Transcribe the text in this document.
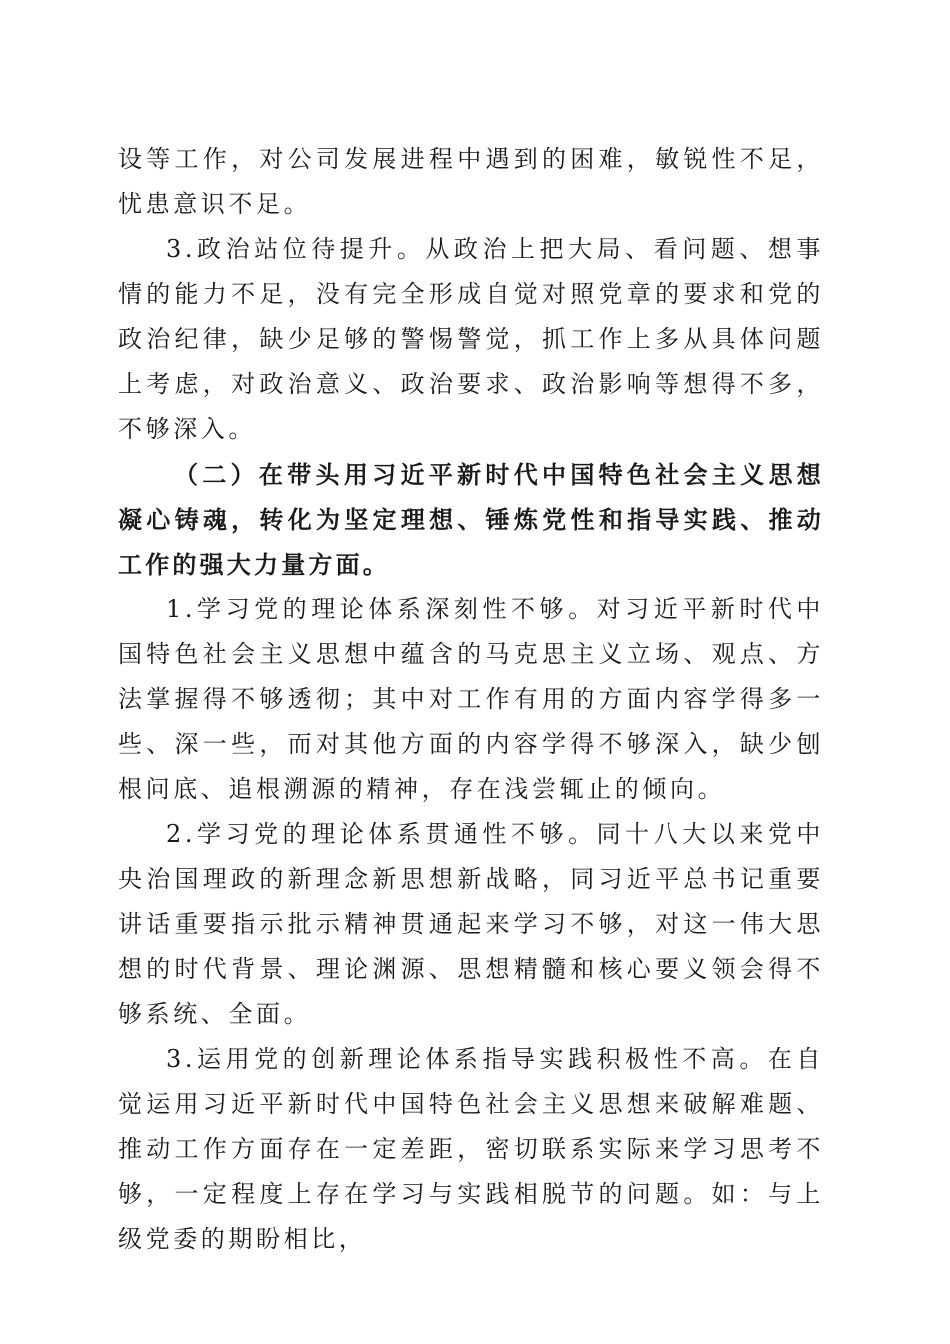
设等工作，对公司发展进程中遇到的困难，敏锐性不足，忧患意识不足。

3.政治站位待提升。从政治上把大局、看问题、想事情的能力不足，没有完全形成自觉对照党章的要求和党的政治纪律，缺少足够的警惕警觉，抓工作上多从具体问题上考虑，对政治意义、政治要求、政治影响等想得不多，不够深入。

（二）在带头用习近平新时代中国特色社会主义思想凝心铸魂，转化为坚定理想、锤炼党性和指导实践、推动工作的强大力量方面。

1.学习党的理论体系深刻性不够。对习近平新时代中国特色社会主义思想中蕴含的马克思主义立场、观点、方法掌握得不够透彻；其中对工作有用的方面内容学得多一些、深一些，而对其他方面的内容学得不够深入，缺少刨根问底、追根溯源的精神，存在浅尝辄止的倾向。

2.学习党的理论体系贯通性不够。同十八大以来党中央治国理政的新理念新思想新战略，同习近平总书记重要讲话重要指示批示精神贯通起来学习不够，对这一伟大思想的时代背景、理论渊源、思想精髓和核心要义领会得不够系统、全面。

3.运用党的创新理论体系指导实践积极性不高。在自觉运用习近平新时代中国特色社会主义思想来破解难题、推动工作方面存在一定差距，密切联系实际来学习思考不够，一定程度上存在学习与实践相脱节的问题。如：与上级党委的期盼相比，
